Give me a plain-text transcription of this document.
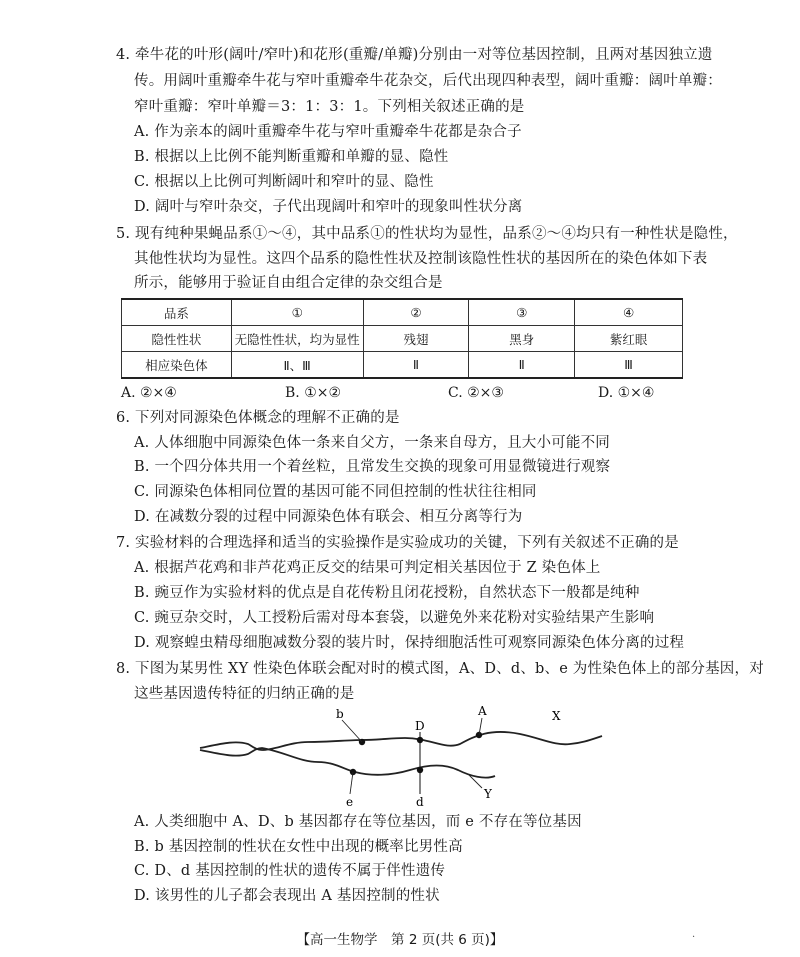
4. 牵牛花的叶形(阔叶/窄叶)和花形(重瓣/单瓣)分别由一对等位基因控制，且两对基因独立遗
传。用阔叶重瓣牵牛花与窄叶重瓣牵牛花杂交，后代出现四种表型，阔叶重瓣：阔叶单瓣：
窄叶重瓣：窄叶单瓣＝3：1：3：1。下列相关叙述正确的是
A. 作为亲本的阔叶重瓣牵牛花与窄叶重瓣牵牛花都是杂合子
B. 根据以上比例不能判断重瓣和单瓣的显、隐性
C. 根据以上比例可判断阔叶和窄叶的显、隐性
D. 阔叶与窄叶杂交，子代出现阔叶和窄叶的现象叫性状分离
5. 现有纯种果蝇品系①～④，其中品系①的性状均为显性，品系②～④均只有一种性状是隐性，
其他性状均为显性。这四个品系的隐性性状及控制该隐性性状的基因所在的染色体如下表
所示，能够用于验证自由组合定律的杂交组合是
品系	①	②	③	④
隐性性状	无隐性性状，均为显性	残翅	黑身	紫红眼
相应染色体	Ⅱ、Ⅲ	Ⅱ	Ⅱ	Ⅲ
A. ②×④	B. ①×②	C. ②×③	D. ①×④
6. 下列对同源染色体概念的理解不正确的是
A. 人体细胞中同源染色体一条来自父方，一条来自母方，且大小可能不同
B. 一个四分体共用一个着丝粒，且常发生交换的现象可用显微镜进行观察
C. 同源染色体相同位置的基因可能不同但控制的性状往往相同
D. 在减数分裂的过程中同源染色体有联会、相互分离等行为
7. 实验材料的合理选择和适当的实验操作是实验成功的关键，下列有关叙述不正确的是
A. 根据芦花鸡和非芦花鸡正反交的结果可判定相关基因位于 Z 染色体上
B. 豌豆作为实验材料的优点是自花传粉且闭花授粉，自然状态下一般都是纯种
C. 豌豆杂交时，人工授粉后需对母本套袋，以避免外来花粉对实验结果产生影响
D. 观察蝗虫精母细胞减数分裂的装片时，保持细胞活性可观察同源染色体分离的过程
8. 下图为某男性 XY 性染色体联会配对时的模式图，A、D、d、b、e 为性染色体上的部分基因，对
这些基因遗传特征的归纳正确的是
b
D
A	X
e	d
Y
A. 人类细胞中 A、D、b 基因都存在等位基因，而 e 不存在等位基因
B. b 基因控制的性状在女性中出现的概率比男性高
C. D、d 基因控制的性状的遗传不属于伴性遗传
D. 该男性的儿子都会表现出 A 基因控制的性状
【高一生物学　第 2 页(共 6 页)】	·
